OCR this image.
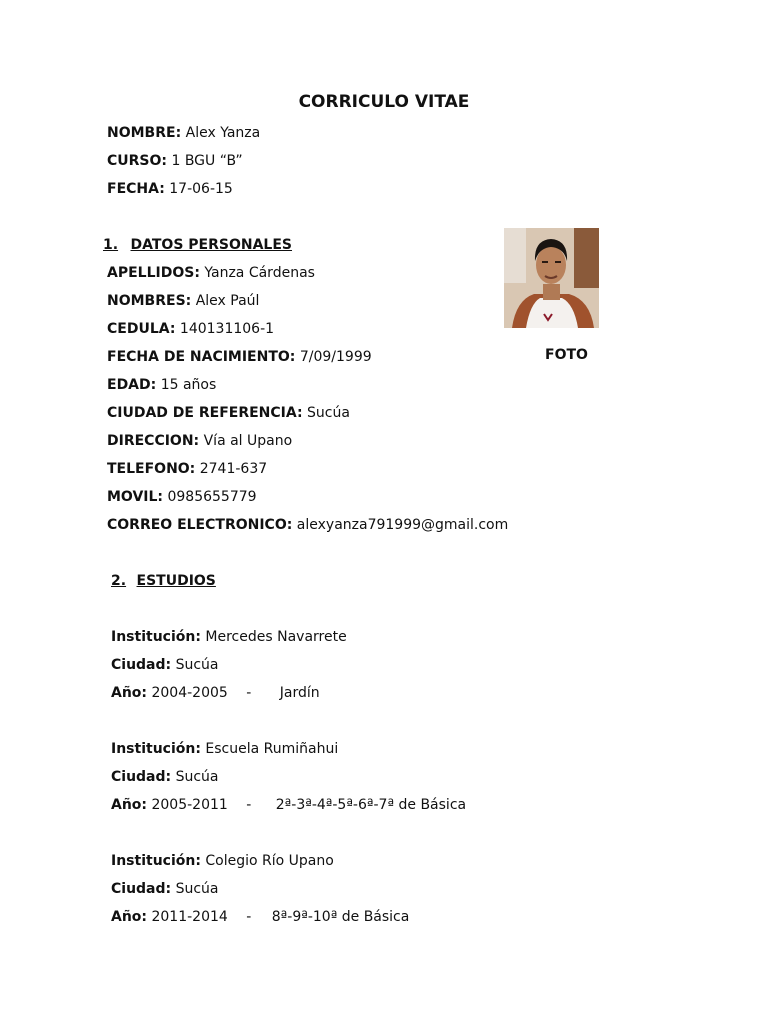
CORRICULO VITAE
NOMBRE: Alex Yanza
CURSO: 1 BGU “B”
FECHA: 17-06-15
1. DATOS PERSONALES
APELLIDOS: Yanza Cárdenas
NOMBRES: Alex Paúl
CEDULA: 140131106-1
FECHA DE NACIMIENTO: 7/09/1999
EDAD: 15 años
CIUDAD DE REFERENCIA: Sucúa
DIRECCION: Vía al Upano
TELEFONO: 2741-637
MOVIL: 0985655779
CORREO ELECTRONICO: alexyanza791999@gmail.com
FOTO
2. ESTUDIOS
Institución: Mercedes Navarrete
Ciudad: Sucúa
Año: 2004-2005 - Jardín
Institución: Escuela Rumiñahui
Ciudad: Sucúa
Año: 2005-2011 - 2ª-3ª-4ª-5ª-6ª-7ª de Básica
Institución: Colegio Río Upano
Ciudad: Sucúa
Año: 2011-2014 - 8ª-9ª-10ª de Básica
